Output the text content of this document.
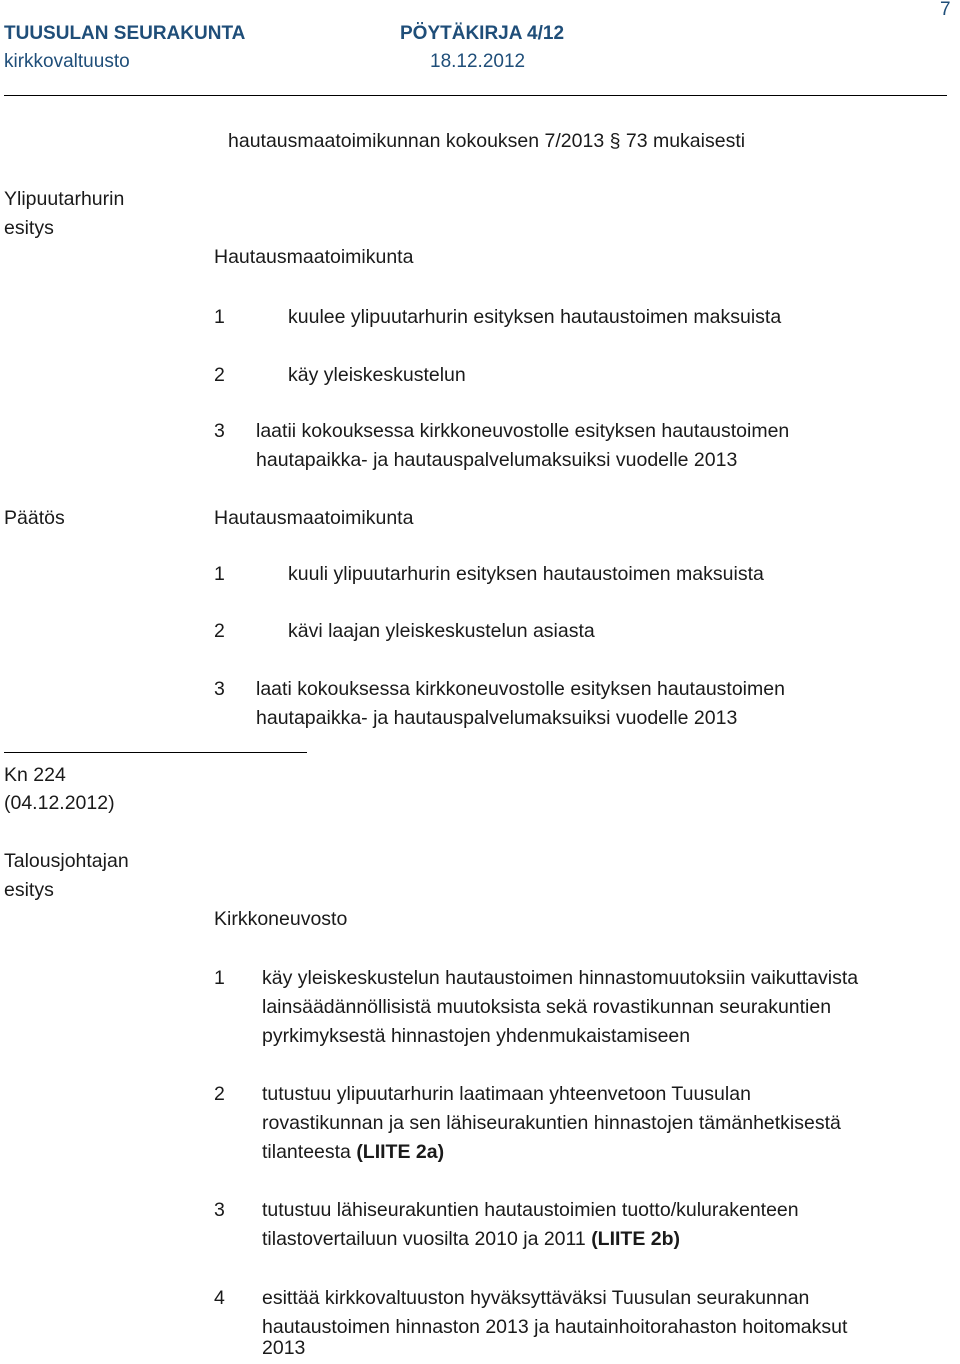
TUUSULAN SEURAKUNTA	PÖYTÄKIRJA 4/12
7
kirkkovaltuusto	18.12.2012
hautausmaatoimikunnan kokouksen 7/2013 § 73 mukaisesti
Ylipuutarhurin
esitys
Hautausmaatoimikunta
1	kuulee ylipuutarhurin esityksen hautaustoimen maksuista
2	käy yleiskeskustelun
3 laatii kokouksessa kirkkoneuvostolle esityksen hautaustoimen
hautapaikka- ja hautauspalvelumaksuiksi vuodelle 2013
Päätös	Hautausmaatoimikunta
1	kuuli ylipuutarhurin esityksen hautaustoimen maksuista
2	kävi laajan yleiskeskustelun asiasta
3 laati kokouksessa kirkkoneuvostolle esityksen hautaustoimen
hautapaikka- ja hautauspalvelumaksuiksi vuodelle 2013
Kn 224
(04.12.2012)
Talousjohtajan
esitys
Kirkkoneuvosto
1 käy yleiskeskustelun hautaustoimen hinnastomuutoksiin vaikuttavista
lainsäädännöllisistä muutoksista sekä rovastikunnan seurakuntien
pyrkimyksestä hinnastojen yhdenmukaistamiseen
2 tutustuu ylipuutarhurin laatimaan yhteenvetoon Tuusulan
rovastikunnan ja sen lähiseurakuntien hinnastojen tämänhetkisestä
tilanteesta (LIITE 2a)
3 tutustuu lähiseurakuntien hautaustoimien tuotto/kulurakenteen
tilastovertailuun vuosilta 2010 ja 2011 (LIITE 2b)
4 esittää kirkkovaltuuston hyväksyttäväksi Tuusulan seurakunnan
hautaustoimen hinnaston 2013 ja hautainhoitorahaston hoitomaksut
2013
